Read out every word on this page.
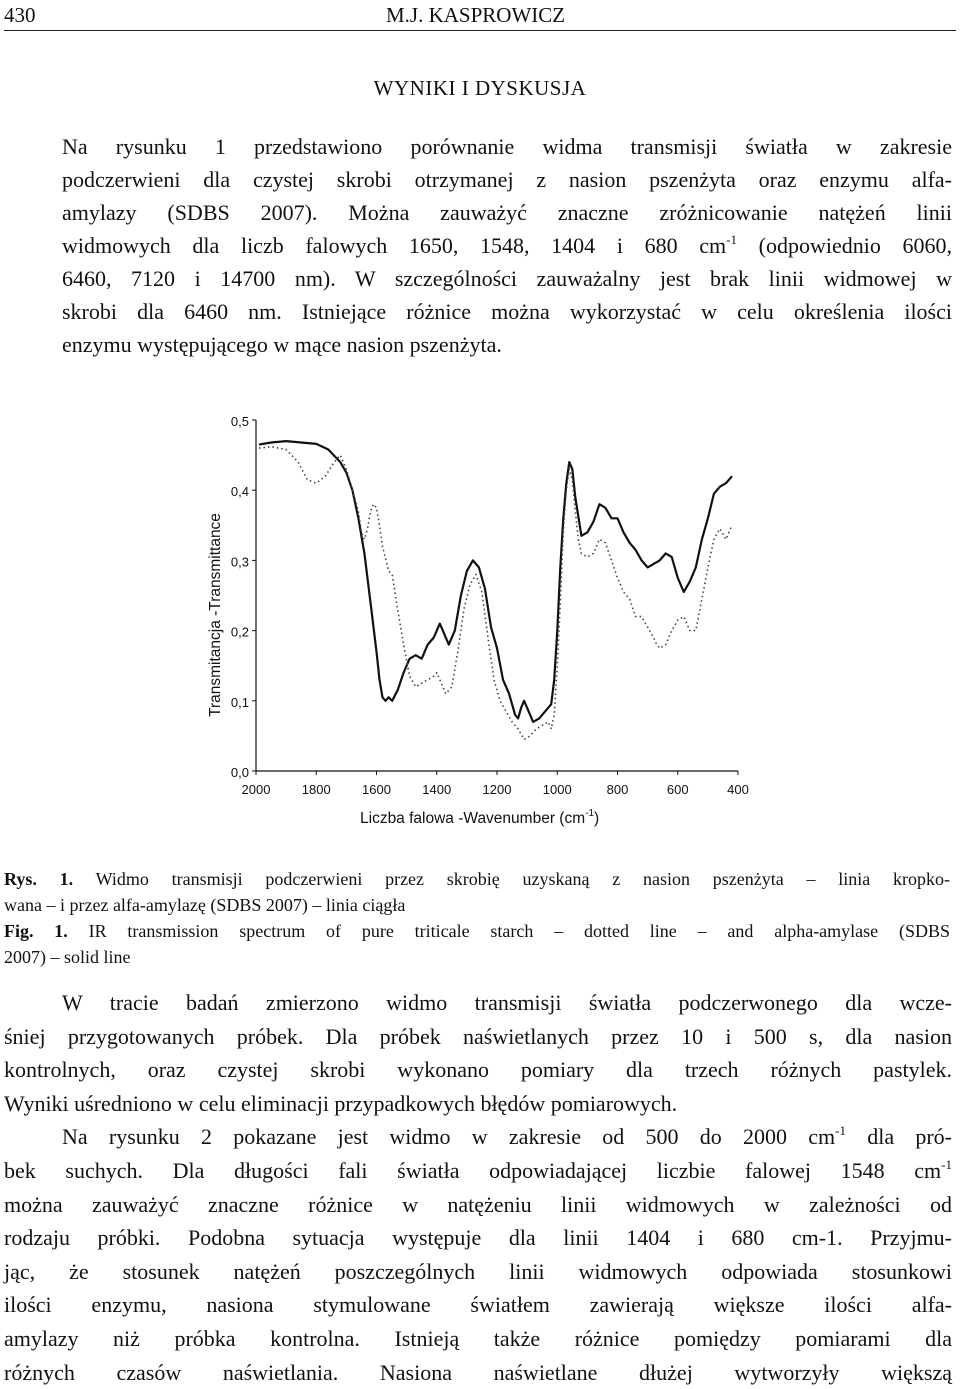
430	M.J. KASPROWICZ
WYNIKI I DYSKUSJA
Na rysunku 1 przedstawiono porównanie widma transmisji światła w zakresie
podczerwieni dla czystej skrobi otrzymanej z nasion pszenżyta oraz enzymu alfa-
amylazy (SDBS 2007). Można zauważyć znaczne zróżnicowanie natężeń linii
widmowych dla liczb falowych 1650, 1548, 1404 i 680 $cm^{-1}$ (odpowiednio 6060,
6460, 7120 i 14700 nm). W szczególności zauważalny jest brak linii widmowej w
skrobi dla 6460 nm. Istniejące różnice można wykorzystać w celu określenia ilości
enzymu występującego w mące nasion pszenżyta.
2000 1800 1600 1400 1200 1000	800	600	400
0,0
0,1
0,2
0,3
0,4
0,5
Transmitancja -Transmittance
Liczba falowa -Wavenumber $(cm^{-1})$
Rys. 1. Widmo transmisji podczerwieni przez skrobię uzyskaną z nasion pszenżyta – linia kropko-
wana – i przez alfa-amylazę (SDBS 2007) – linia ciągła
Fig. 1. IR transmission spectrum of pure triticale starch – dotted line – and alpha-amylase (SDBS
2007) – solid line
W tracie badań zmierzono widmo transmisji światła podczerwonego dla wcze-
śniej przygotowanych próbek. Dla próbek naświetlanych przez 10 i 500 s, dla nasion
kontrolnych, oraz czystej skrobi wykonano pomiary dla trzech różnych pastylek.
Wyniki uśredniono w celu eliminacji przypadkowych błędów pomiarowych.
Na rysunku 2 pokazane jest widmo w zakresie od 500 do 2000 $cm^{-1}$ dla pró-
bek suchych. Dla długości fali światła odpowiadającej liczbie falowej 1548 $cm^{-1}$
można zauważyć znaczne różnice w natężeniu linii widmowych w zależności od
rodzaju próbki. Podobna sytuacja występuje dla linii 1404 i 680 cm-1. Przyjmu-
jąc, że stosunek natężeń poszczególnych linii widmowych odpowiada stosunkowi
ilości enzymu, nasiona stymulowane światłem zawierają większe ilości alfa-
amylazy niż próbka kontrolna. Istnieją także różnice pomiędzy pomiarami dla
różnych czasów naświetlania. Nasiona naświetlane dłużej wytworzyły większą
